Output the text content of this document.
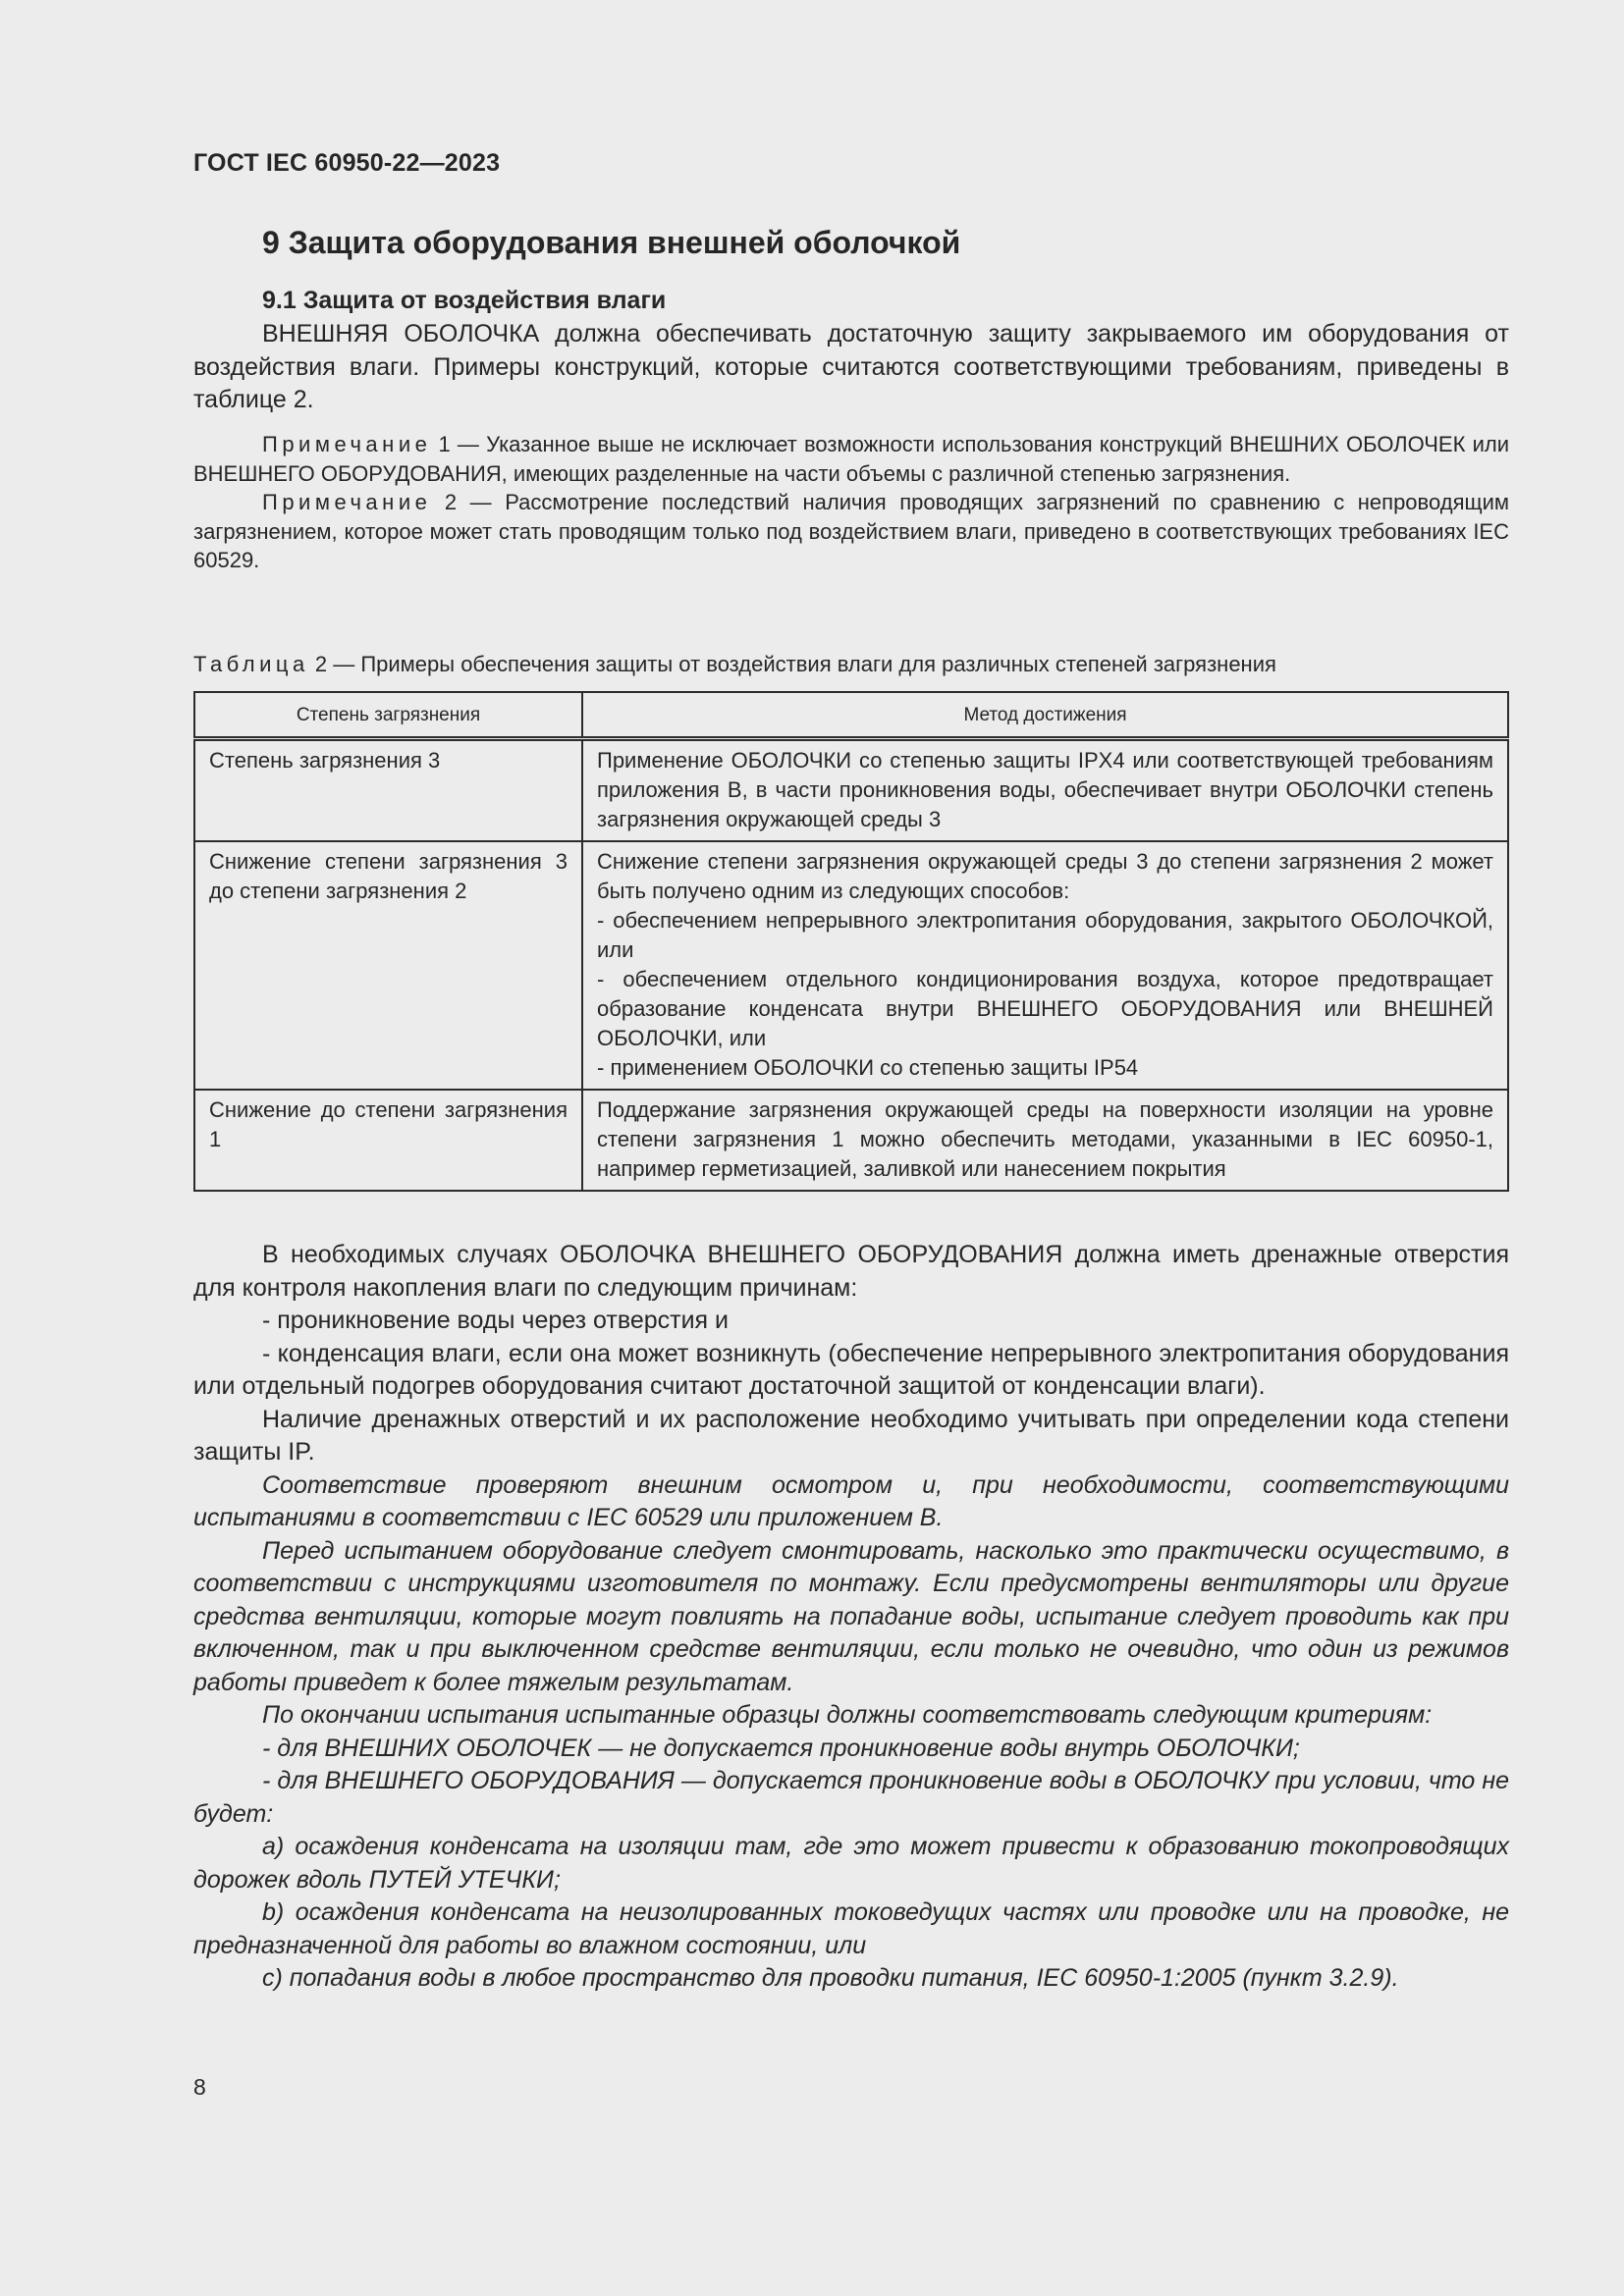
ГОСТ IEC 60950-22—2023
9 Защита оборудования внешней оболочкой
9.1 Защита от воздействия влаги

ВНЕШНЯЯ ОБОЛОЧКА должна обеспечивать достаточную защиту закрываемого им оборудования от воздействия влаги. Примеры конструкций, которые считаются соответствующими требованиям, приведены в таблице 2.

Примечание 1 — Указанное выше не исключает возможности использования конструкций ВНЕШНИХ ОБОЛОЧЕК или ВНЕШНЕГО ОБОРУДОВАНИЯ, имеющих разделенные на части объемы с различной степенью загрязнения.

Примечание 2 — Рассмотрение последствий наличия проводящих загрязнений по сравнению с непроводящим загрязнением, которое может стать проводящим только под воздействием влаги, приведено в соответствующих требованиях IEC 60529.

Таблица 2 — Примеры обеспечения защиты от воздействия влаги для различных степеней загрязнения
Степень загрязнения	Метод достижения
Степень загрязнения 3	Применение ОБОЛОЧКИ со степенью защиты IPX4 или соответствующей требованиям приложения В, в части проникновения воды, обеспечивает внутри ОБОЛОЧКИ степень загрязнения окружающей среды 3

Снижение степени загрязнения 3 до степени загрязнения 2	Снижение степени загрязнения окружающей среды 3 до степени загрязнения 2 может быть получено одним из следующих способов:
- обеспечением непрерывного электропитания оборудования, закрытого ОБОЛОЧКОЙ, или
- обеспечением отдельного кондиционирования воздуха, которое предотвращает образование конденсата внутри ВНЕШНЕГО ОБОРУДОВАНИЯ или ВНЕШНЕЙ ОБОЛОЧКИ, или
- применением ОБОЛОЧКИ со степенью защиты IP54

Снижение до степени загрязнения 1	Поддержание загрязнения окружающей среды на поверхности изоляции на уровне степени загрязнения 1 можно обеспечить методами, указанными в IEC 60950-1, например герметизацией, заливкой или нанесением покрытия

В необходимых случаях ОБОЛОЧКА ВНЕШНЕГО ОБОРУДОВАНИЯ должна иметь дренажные отверстия для контроля накопления влаги по следующим причинам:

- проникновение воды через отверстия и

- конденсация влаги, если она может возникнуть (обеспечение непрерывного электропитания оборудования или отдельный подогрев оборудования считают достаточной защитой от конденсации влаги).

Наличие дренажных отверстий и их расположение необходимо учитывать при определении кода степени защиты IP.

Соответствие проверяют внешним осмотром и, при необходимости, соответствующими испытаниями в соответствии с IEC 60529 или приложением В.

Перед испытанием оборудование следует смонтировать, насколько это практически осуществимо, в соответствии с инструкциями изготовителя по монтажу. Если предусмотрены вентиляторы или другие средства вентиляции, которые могут повлиять на попадание воды, испытание следует проводить как при включенном, так и при выключенном средстве вентиляции, если только не очевидно, что один из режимов работы приведет к более тяжелым результатам.

По окончании испытания испытанные образцы должны соответствовать следующим критериям:

- для ВНЕШНИХ ОБОЛОЧЕК — не допускается проникновение воды внутрь ОБОЛОЧКИ;

- для ВНЕШНЕГО ОБОРУДОВАНИЯ — допускается проникновение воды в ОБОЛОЧКУ при условии, что не будет:

a) осаждения конденсата на изоляции там, где это может привести к образованию токопроводящих дорожек вдоль ПУТЕЙ УТЕЧКИ;

b) осаждения конденсата на неизолированных токоведущих частях или проводке или на проводке, не предназначенной для работы во влажном состоянии, или

с) попадания воды в любое пространство для проводки питания, IEC 60950-1:2005 (пункт 3.2.9).

8
